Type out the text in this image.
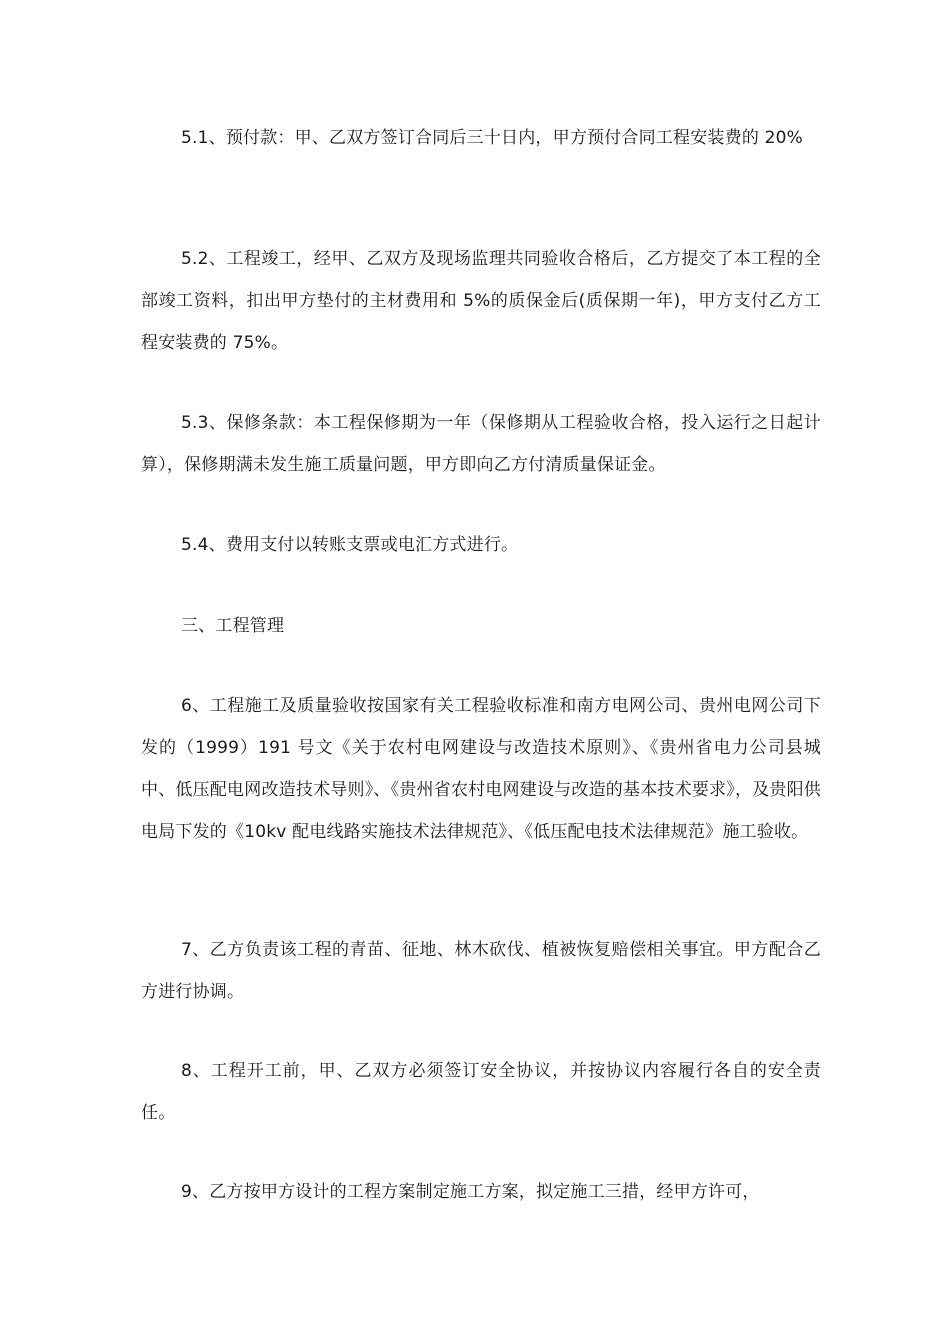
5.1、预付款：甲、乙双方签订合同后三十日内，甲方预付合同工程安装费的 20%

5.2、工程竣工，经甲、乙双方及现场监理共同验收合格后，乙方提交了本工程的全部竣工资料，扣出甲方垫付的主材费用和 5%的质保金后(质保期一年)，甲方支付乙方工程安装费的 75%。

5.3、保修条款：本工程保修期为一年（保修期从工程验收合格，投入运行之日起计算），保修期满未发生施工质量问题，甲方即向乙方付清质量保证金。

5.4、费用支付以转账支票或电汇方式进行。

三、工程管理

6、工程施工及质量验收按国家有关工程验收标准和南方电网公司、贵州电网公司下发的（1999）191 号文《关于农村电网建设与改造技术原则》、《贵州省电力公司县城中、低压配电网改造技术导则》、《贵州省农村电网建设与改造的基本技术要求》，及贵阳供电局下发的《10kv 配电线路实施技术法律规范》、《低压配电技术法律规范》施工验收。

7、乙方负责该工程的青苗、征地、林木砍伐、植被恢复赔偿相关事宜。甲方配合乙方进行协调。

8、工程开工前，甲、乙双方必须签订安全协议，并按协议内容履行各自的安全责任。

9、乙方按甲方设计的工程方案制定施工方案，拟定施工三措，经甲方许可，
